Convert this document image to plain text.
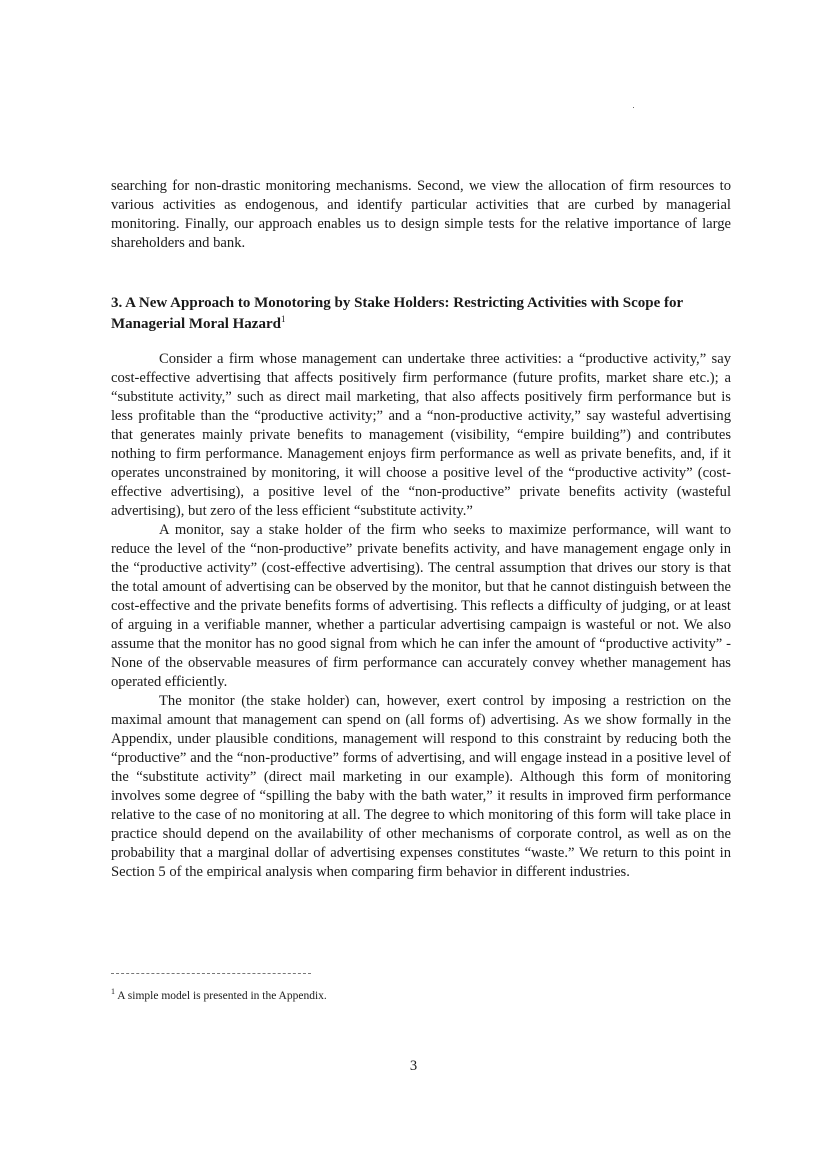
searching for non-drastic monitoring mechanisms. Second, we view the allocation of firm resources to various activities as endogenous, and identify particular activities that are curbed by managerial monitoring. Finally, our approach enables us to design simple tests for the relative importance of large shareholders and bank.
3. A New Approach to Monotoring by Stake Holders: Restricting Activities with Scope for Managerial Moral Hazard$^1$

Consider a firm whose management can undertake three activities: a “productive activity,” say cost-effective advertising that affects positively firm performance (future profits, market share etc.); a “substitute activity,” such as direct mail marketing, that also affects positively firm performance but is less profitable than the “productive activity;” and a “non-productive activity,” say wasteful advertising that generates mainly private benefits to management (visibility, “empire building”) and contributes nothing to firm performance. Management enjoys firm performance as well as private benefits, and, if it operates unconstrained by monitoring, it will choose a positive level of the “productive activity” (cost-effective advertising), a positive level of the “non-productive” private benefits activity (wasteful advertising), but zero of the less efficient “substitute activity.”

A monitor, say a stake holder of the firm who seeks to maximize performance, will want to reduce the level of the “non-productive” private benefits activity, and have management engage only in the “productive activity” (cost-effective advertising). The central assumption that drives our story is that the total amount of advertising can be observed by the monitor, but that he cannot distinguish between the cost-effective and the private benefits forms of advertising. This reflects a difficulty of judging, or at least of arguing in a verifiable manner, whether a particular advertising campaign is wasteful or not. We also assume that the monitor has no good signal from which he can infer the amount of “productive activity” - None of the observable measures of firm performance can accurately convey whether management has operated efficiently.

The monitor (the stake holder) can, however, exert control by imposing a restriction on the maximal amount that management can spend on (all forms of) advertising. As we show formally in the Appendix, under plausible conditions, management will respond to this constraint by reducing both the “productive” and the “non-productive” forms of advertising, and will engage instead in a positive level of the “substitute activity” (direct mail marketing in our example). Although this form of monitoring involves some degree of “spilling the baby with the bath water,” it results in improved firm performance relative to the case of no monitoring at all. The degree to which monitoring of this form will take place in practice should depend on the availability of other mechanisms of corporate control, as well as on the probability that a marginal dollar of advertising expenses constitutes “waste.” We return to this point in Section 5 of the empirical analysis when comparing firm behavior in different industries.

$^1$ A simple model is presented in the Appendix.
3
